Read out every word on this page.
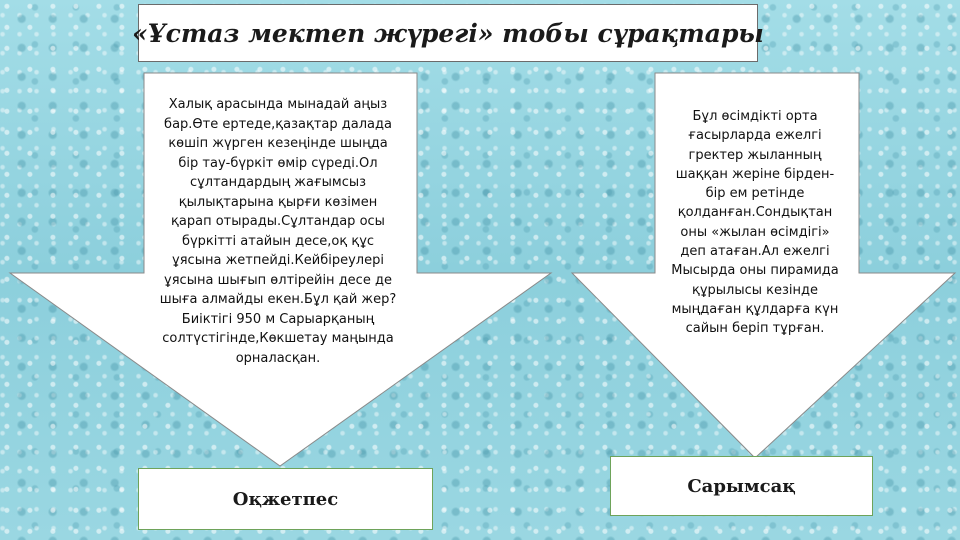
«Ұстаз мектеп жүрегі» тобы сұрақтары
Халық арасында мынадай аңыз
бар.Өте ертеде,қазақтар далада
көшіп жүрген кезеңінде шыңда
бір тау-бүркіт өмір сүреді.Ол
сұлтандардың жағымсыз
қылықтарына қырғи көзімен
қарап отырады.Сұлтандар осы
бүркітті атайын десе,оқ құс
ұясына жетпейді.Кейбіреулері
ұясына шығып өлтірейін десе де
шыға алмайды екен.Бұл қай жер?
Биіктігі 950 м Сарыарқаның
солтүстігінде,Көкшетау маңында
орналасқан.
Бұл өсімдікті орта
ғасырларда ежелгі
гректер жыланның
шаққан жеріне бірден-
бір ем ретінде
қолданған.Сондықтан
оны «жылан өсімдігі»
деп атаған.Ал ежелгі
Мысырда оны пирамида
құрылысы кезінде
мыңдаған құлдарға күн
сайын беріп тұрған.
Оқжетпес
Сарымсақ
